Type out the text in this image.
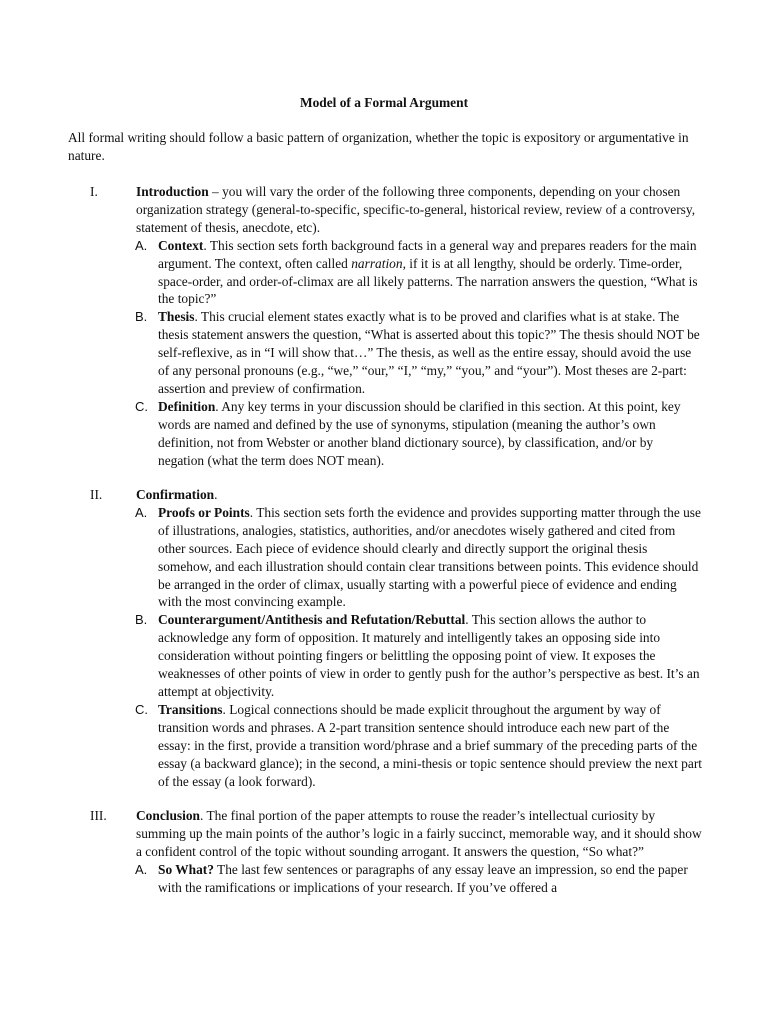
Model of a Formal Argument

All formal writing should follow a basic pattern of organization, whether the topic is expository or argumentative in nature.

I.	Introduction – you will vary the order of the following three components, depending on your chosen organization strategy (general-to-specific, specific-to-general, historical review, review of a controversy, statement of thesis, anecdote, etc).

A. Context. This section sets forth background facts in a general way and prepares readers for the main argument. The context, often called narration, if it is at all lengthy, should be orderly. Time-order, space-order, and order-of-climax are all likely patterns. The narration answers the question, “What is the topic?”

B. Thesis. This crucial element states exactly what is to be proved and clarifies what is at stake. The thesis statement answers the question, “What is asserted about this topic?” The thesis should NOT be self-reflexive, as in “I will show that…” The thesis, as well as the entire essay, should avoid the use of any personal pronouns (e.g., “we,” “our,” “I,” “my,” “you,” and “your”). Most theses are 2-part: assertion and preview of confirmation.

C. Definition. Any key terms in your discussion should be clarified in this section. At this point, key words are named and defined by the use of synonyms, stipulation (meaning the author’s own definition, not from Webster or another bland dictionary source), by classification, and/or by negation (what the term does NOT mean).

II.	Confirmation.

A. Proofs or Points. This section sets forth the evidence and provides supporting matter through the use of illustrations, analogies, statistics, authorities, and/or anecdotes wisely gathered and cited from other sources. Each piece of evidence should clearly and directly support the original thesis somehow, and each illustration should contain clear transitions between points. This evidence should be arranged in the order of climax, usually starting with a powerful piece of evidence and ending with the most convincing example.

B. Counterargument/Antithesis and Refutation/Rebuttal. This section allows the author to acknowledge any form of opposition. It maturely and intelligently takes an opposing side into consideration without pointing fingers or belittling the opposing point of view. It exposes the weaknesses of other points of view in order to gently push for the author’s perspective as best. It’s an attempt at objectivity.

C. Transitions. Logical connections should be made explicit throughout the argument by way of transition words and phrases. A 2-part transition sentence should introduce each new part of the essay: in the first, provide a transition word/phrase and a brief summary of the preceding parts of the essay (a backward glance); in the second, a mini-thesis or topic sentence should preview the next part of the essay (a look forward).

III. Conclusion. The final portion of the paper attempts to rouse the reader’s intellectual curiosity by summing up the main points of the author’s logic in a fairly succinct, memorable way, and it should show a confident control of the topic without sounding arrogant. It answers the question, “So what?”

A. So What? The last few sentences or paragraphs of any essay leave an impression, so end the paper with the ramifications or implications of your research. If you’ve offered a
